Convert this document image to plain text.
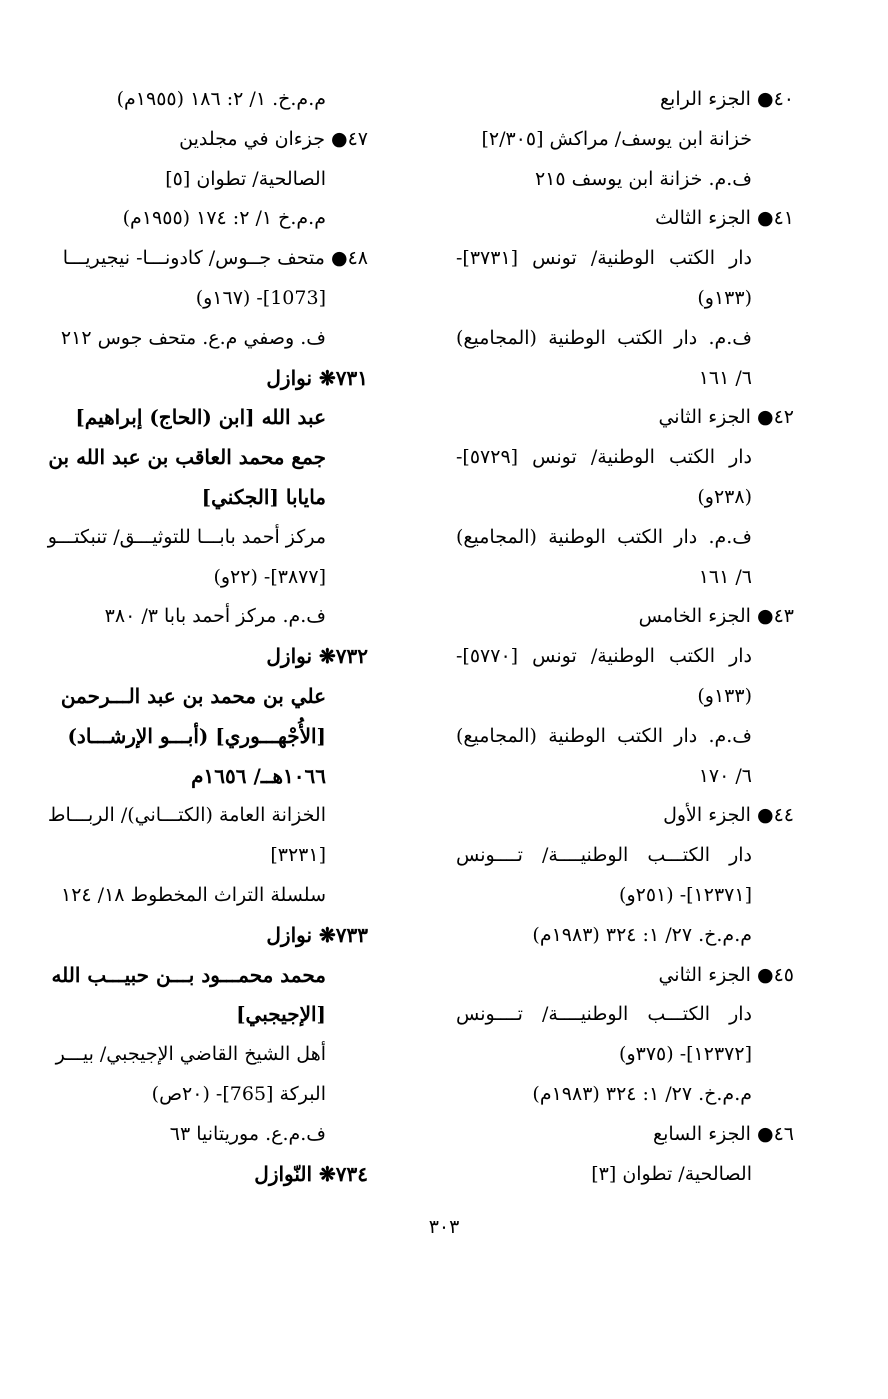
٤٠● الجزء الرابع
خزانة ابن يوسف/ مراكش [٢/٣٠٥]
ف.م. خزانة ابن يوسف ٢١٥
٤١● الجزء الثالث
دار الكتب الوطنية/ تونس [٣٧٣١]-
(١٣٣و)
ف.م. دار الكتب الوطنية (المجاميع)
٦/ ١٦١
٤٢● الجزء الثاني
دار الكتب الوطنية/ تونس [٥٧٢٩]-
(٢٣٨و)
ف.م. دار الكتب الوطنية (المجاميع)
٦/ ١٦١
٤٣● الجزء الخامس
دار الكتب الوطنية/ تونس [٥٧٧٠]-
(١٣٣و)
ف.م. دار الكتب الوطنية (المجاميع)
٦/ ١٧٠
٤٤● الجزء الأول
دار الكتـــب الوطنيــــة/ تــــونس
[١٢٣٧١]- (٢٥١و)
م.م.خ. ٢٧/ ١: ٣٢٤ (١٩٨٣م)
٤٥● الجزء الثاني
دار الكتـــب الوطنيــــة/ تــــونس
[١٢٣٧٢]- (٣٧٥و)
م.م.خ. ٢٧/ ١: ٣٢٤ (١٩٨٣م)
٤٦● الجزء السابع
الصالحية/ تطوان [٣]
م.م.خ. ١/ ٢: ١٨٦ (١٩٥٥م)
٤٧● جزءان في مجلدين
الصالحية/ تطوان [٥]
م.م.خ ١/ ٢: ١٧٤ (١٩٥٥م)
٤٨● متحف جــوس/ كادونـــا- نيجيريـــا
[1073]- (١٦٧و)
ف. وصفي م.ع. متحف جوس ٢١٢
٧٣١❋ نوازل
عبد الله [ابن (الحاج) إبراهيم]
جمع محمد العاقب بن عبد الله بن
مايابا [الجكني]
مركز أحمد بابـــا للتوثيـــق/ تنبكتـــو
[٣٨٧٧]- (٢٢و)
ف.م. مركز أحمد بابا ٣/ ٣٨٠
٧٣٢❋ نوازل
علي بن محمد بن عبد الـــرحمن
[الأُجْهـــوري] (أبـــو الإرشـــاد)
١٠٦٦هــ/ ١٦٥٦م
الخزانة العامة (الكتـــاني)/ الربـــاط
[٣٢٣١]
سلسلة التراث المخطوط ١٨/ ١٢٤
٧٣٣❋ نوازل
محمد محمـــود بـــن حبيـــب الله
[الإجيجبي]
أهل الشيخ القاضي الإجيجبي/ بيـــر
البركة [765]- (٢٠ص)
ف.م.ع. موريتانيا ٦٣
٧٣٤❋ النّوازل
٣٠٣
